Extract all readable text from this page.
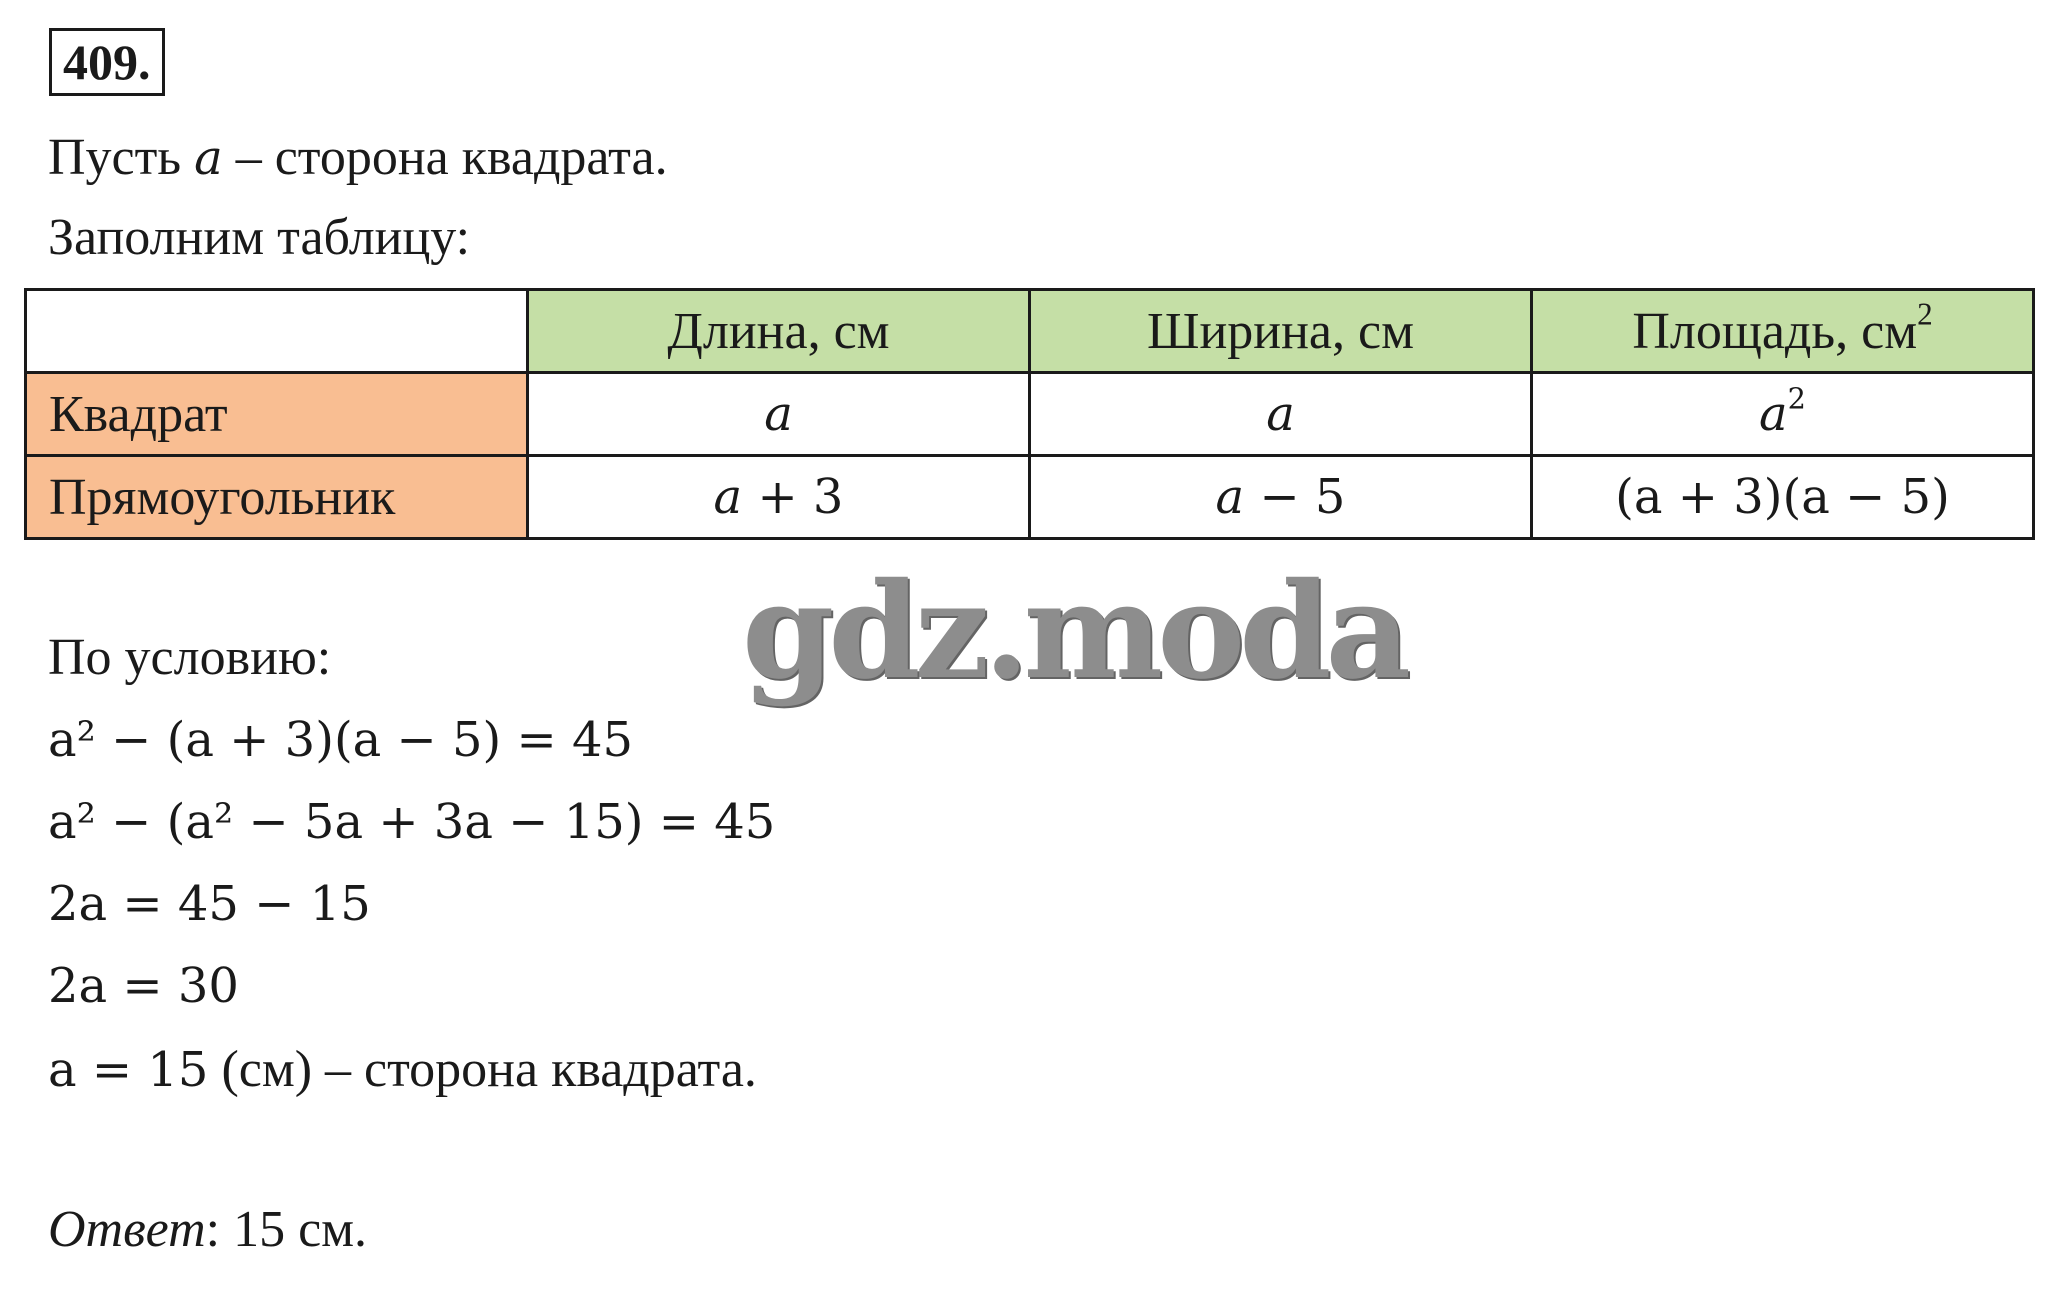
409.
Пусть a – сторона квадрата.
Заполним таблицу:
	Длина, см	Ширина, см	Площадь, $см^2$
Квадрат	a	a	$a^2$
Прямоугольник	a + 3	a − 5	(a + 3)(a − 5)
gdz.moda
По условию:
a² − (a + 3)(a − 5) = 45
a² − (a² − 5a + 3a − 15) = 45
2a = 45 − 15
2a = 30
a = 15 (см) – сторона квадрата.
Ответ: 15 см.
